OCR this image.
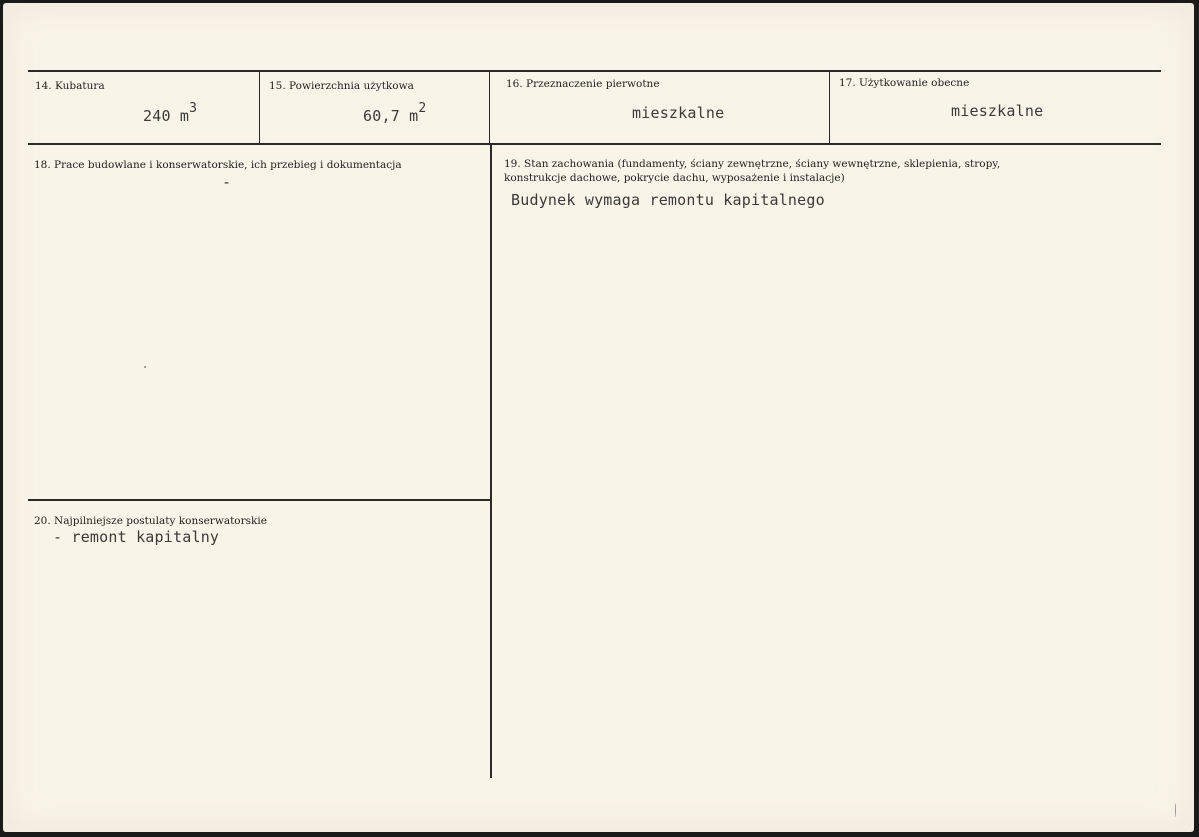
14. Kubatura
240 $m^3$
15. Powierzchnia użytkowa
60,7 $m^2$
16. Przeznaczenie pierwotne
mieszkalne
17. Użytkowanie obecne
mieszkalne
18. Prace budowlane i konserwatorskie, ich przebieg i dokumentacja
-
19. Stan zachowania (fundamenty, ściany zewnętrzne, ściany wewnętrzne, sklepienia, stropy,
konstrukcje dachowe, pokrycie dachu, wyposażenie i instalacje)
Budynek wymaga remontu kapitalnego
20. Najpilniejsze postulaty konserwatorskie
- remont kapitalny
